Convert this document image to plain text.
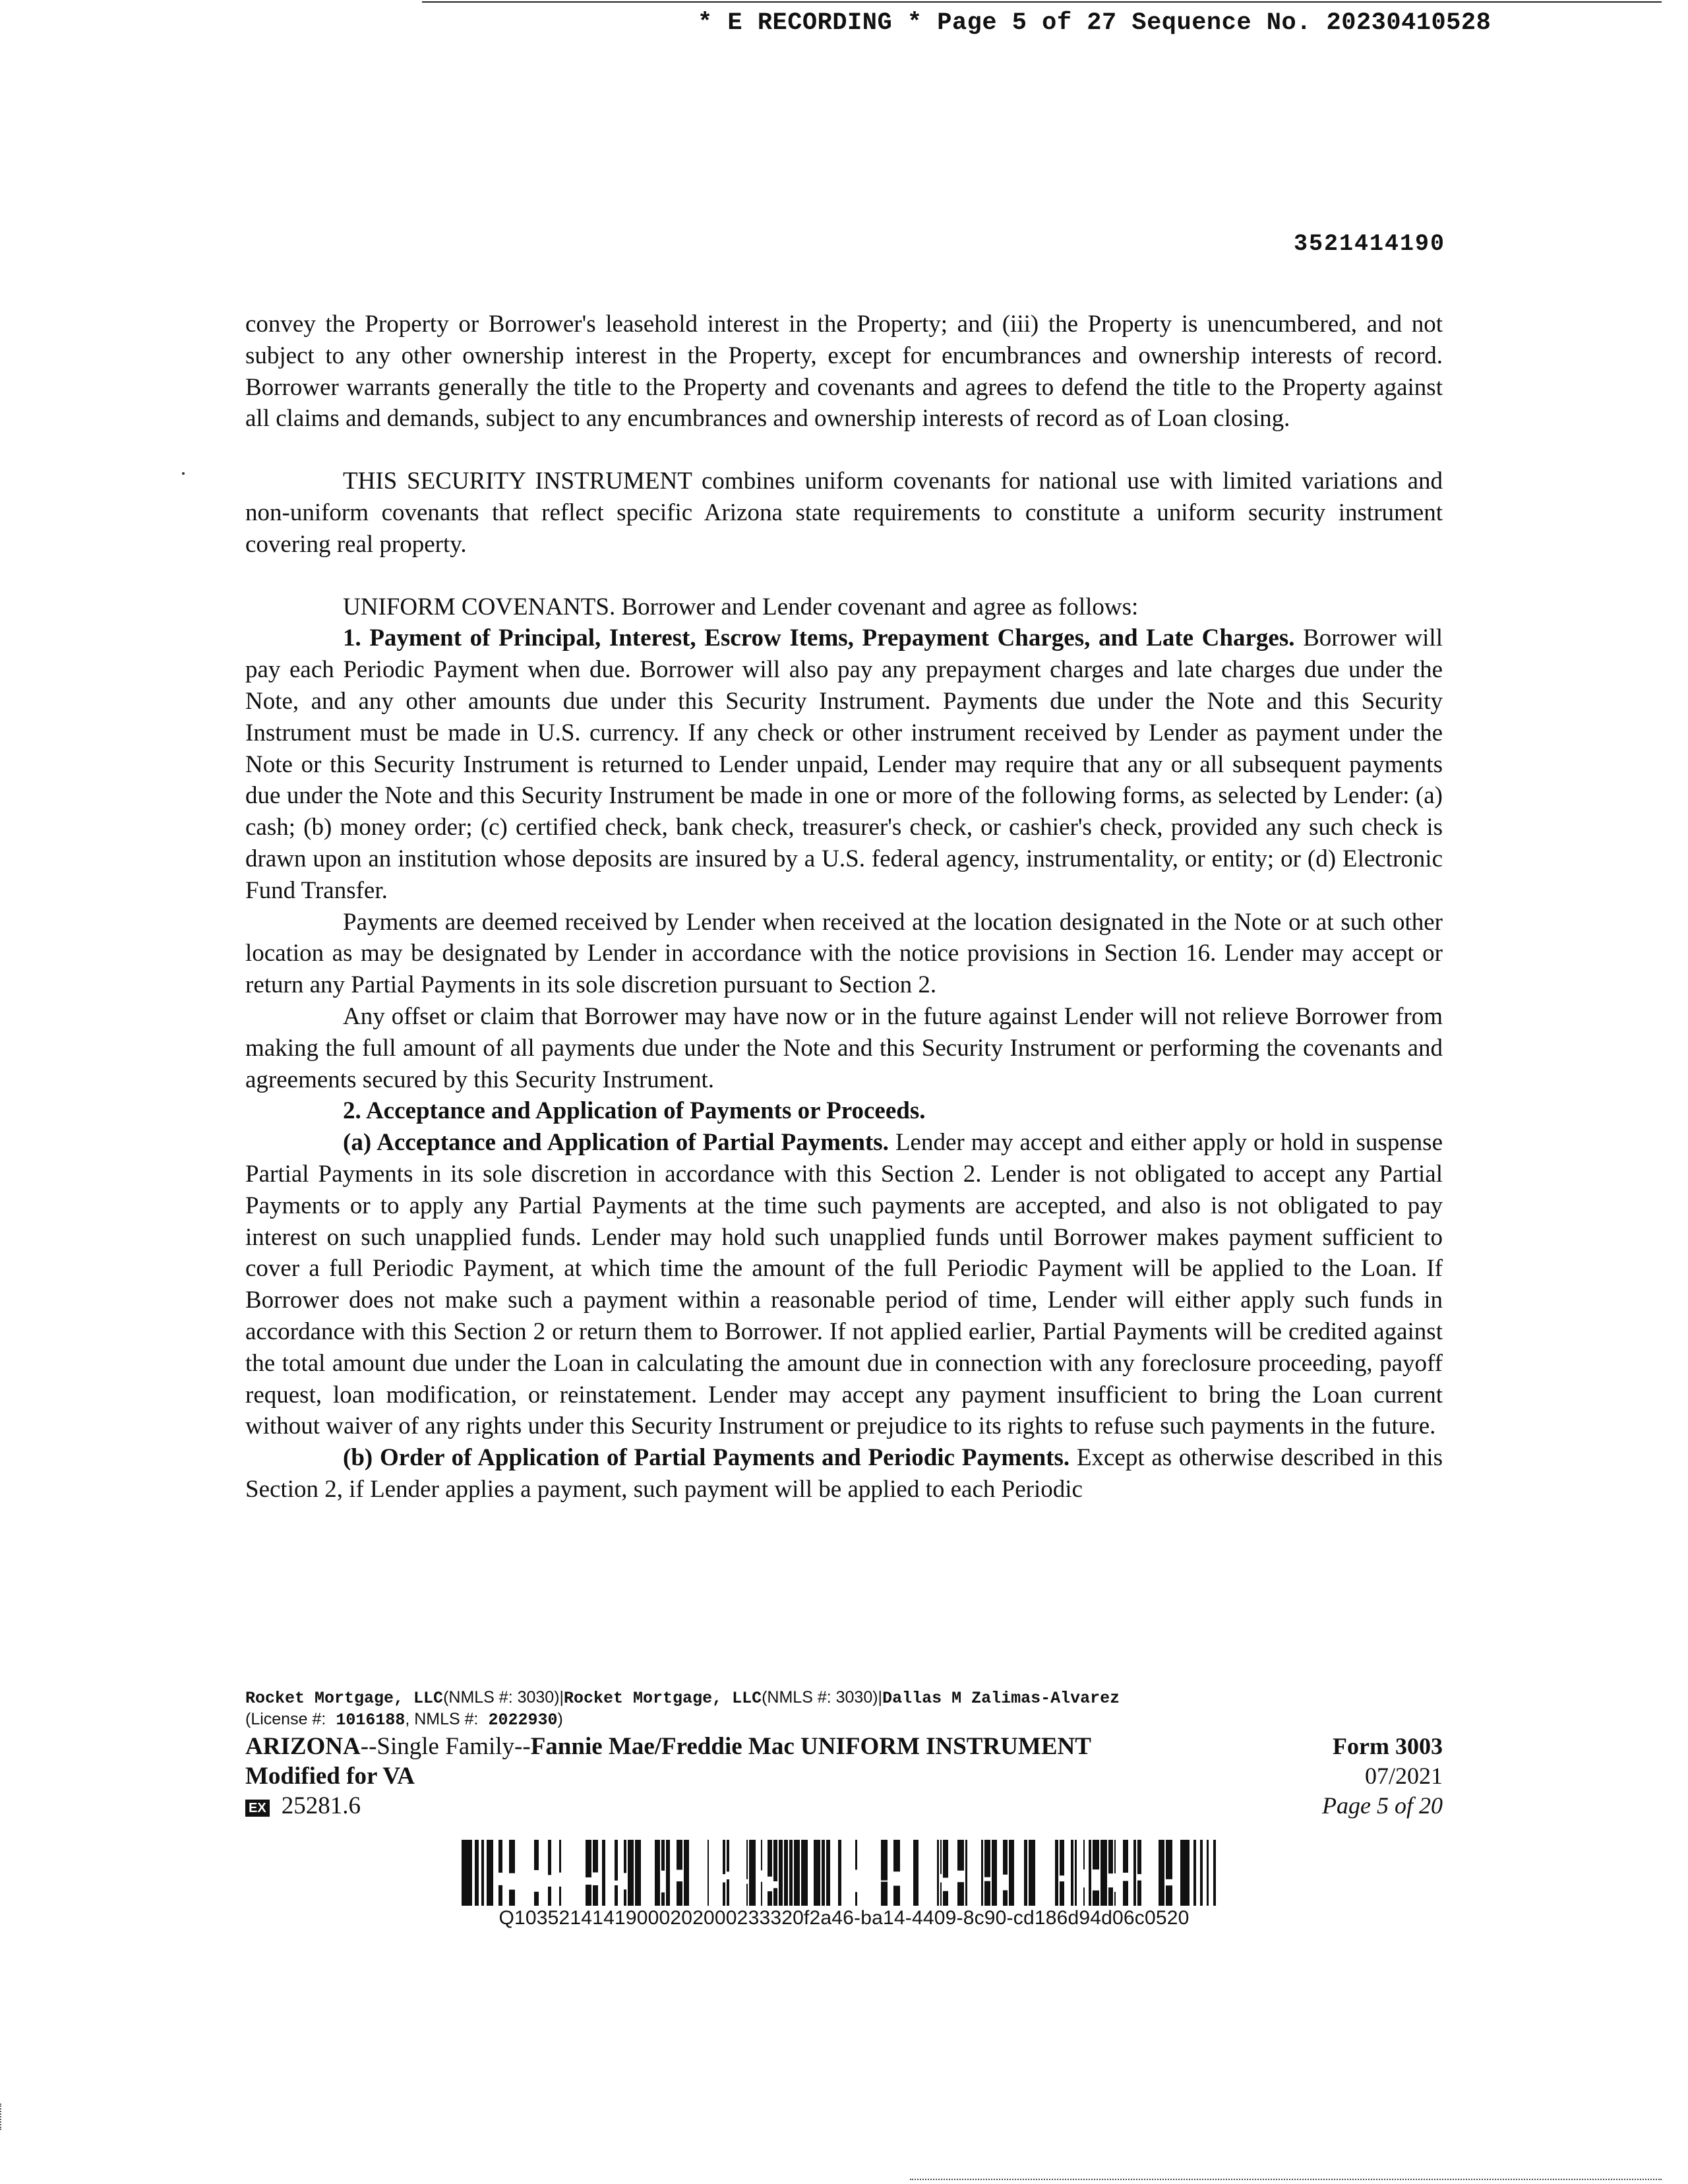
* E RECORDING * Page 5 of 27 Sequence No. 20230410528
3521414190

convey the Property or Borrower's leasehold interest in the Property; and (iii) the Property is unencumbered, and not subject to any other ownership interest in the Property, except for encumbrances and ownership interests of record. Borrower warrants generally the title to the Property and covenants and agrees to defend the title to the Property against all claims and demands, subject to any encumbrances and ownership interests of record as of Loan closing.

THIS SECURITY INSTRUMENT combines uniform covenants for national use with limited variations and non-uniform covenants that reflect specific Arizona state requirements to constitute a uniform security instrument covering real property.

UNIFORM COVENANTS. Borrower and Lender covenant and agree as follows:

1. Payment of Principal, Interest, Escrow Items, Prepayment Charges, and Late Charges. Borrower will pay each Periodic Payment when due. Borrower will also pay any prepayment charges and late charges due under the Note, and any other amounts due under this Security Instrument. Payments due under the Note and this Security Instrument must be made in U.S. currency. If any check or other instrument received by Lender as payment under the Note or this Security Instrument is returned to Lender unpaid, Lender may require that any or all subsequent payments due under the Note and this Security Instrument be made in one or more of the following forms, as selected by Lender: (a) cash; (b) money order; (c) certified check, bank check, treasurer's check, or cashier's check, provided any such check is drawn upon an institution whose deposits are insured by a U.S. federal agency, instrumentality, or entity; or (d) Electronic Fund Transfer.

Payments are deemed received by Lender when received at the location designated in the Note or at such other location as may be designated by Lender in accordance with the notice provisions in Section 16. Lender may accept or return any Partial Payments in its sole discretion pursuant to Section 2.

Any offset or claim that Borrower may have now or in the future against Lender will not relieve Borrower from making the full amount of all payments due under the Note and this Security Instrument or performing the covenants and agreements secured by this Security Instrument.

2. Acceptance and Application of Payments or Proceeds.

(a) Acceptance and Application of Partial Payments. Lender may accept and either apply or hold in suspense Partial Payments in its sole discretion in accordance with this Section 2. Lender is not obligated to accept any Partial Payments or to apply any Partial Payments at the time such payments are accepted, and also is not obligated to pay interest on such unapplied funds. Lender may hold such unapplied funds until Borrower makes payment sufficient to cover a full Periodic Payment, at which time the amount of the full Periodic Payment will be applied to the Loan. If Borrower does not make such a payment within a reasonable period of time, Lender will either apply such funds in accordance with this Section 2 or return them to Borrower. If not applied earlier, Partial Payments will be credited against the total amount due under the Loan in calculating the amount due in connection with any foreclosure proceeding, payoff request, loan modification, or reinstatement. Lender may accept any payment insufficient to bring the Loan current without waiver of any rights under this Security Instrument or prejudice to its rights to refuse such payments in the future.

(b) Order of Application of Partial Payments and Periodic Payments. Except as otherwise described in this Section 2, if Lender applies a payment, such payment will be applied to each Periodic

Rocket Mortgage, LLC(NMLS #: 3030)|Rocket Mortgage, LLC(NMLS #: 3030)|Dallas M Zalimas-Alvarez
(License #: 1016188, NMLS #: 2022930)
ARIZONA--Single Family--Fannie Mae/Freddie Mac UNIFORM INSTRUMENT
Modified for VA
EX 25281.6
Form 3003
07/2021
Page 5 of 20
Q10352141419000202000233320f2a46-ba14-4409-8c90-cd186d94d06c0520
